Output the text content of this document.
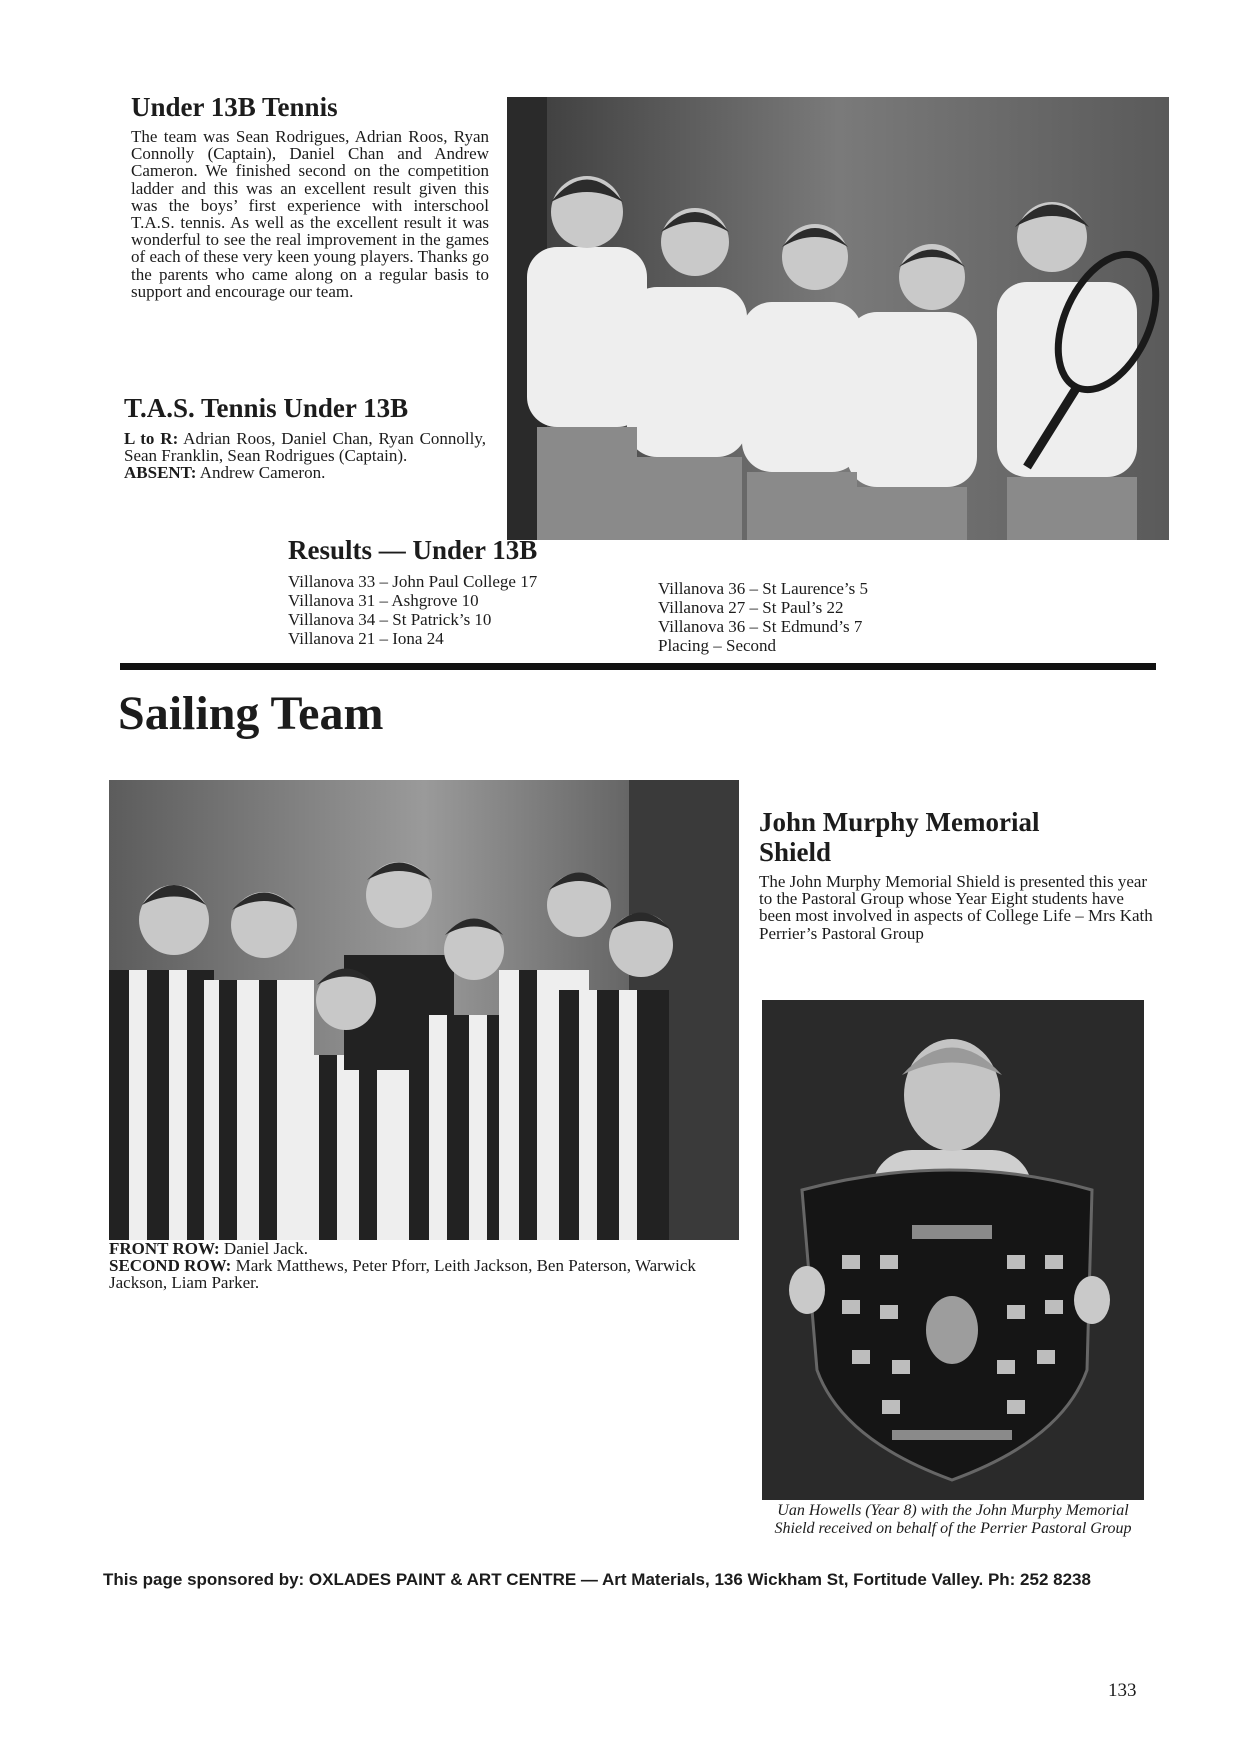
Under 13B Tennis

The team was Sean Rodrigues, Adrian Roos, Ryan Connolly (Captain), Daniel Chan and Andrew Cameron. We finished second on the competition ladder and this was an excellent result given this was the boys’ first experience with interschool T.A.S. tennis. As well as the excellent result it was wonderful to see the real improvement in the games of each of these very keen young players. Thanks go the parents who came along on a regular basis to support and encourage our team.

T.A.S. Tennis Under 13B

L to R: Adrian Roos, Daniel Chan, Ryan Connolly, Sean Franklin, Sean Rodrigues (Captain).
ABSENT: Andrew Cameron.

Results — Under 13B
Villanova 33 – John Paul College 17
Villanova 31 – Ashgrove 10
Villanova 34 – St Patrick’s 10
Villanova 21 – Iona 24
Villanova 36 – St Laurence’s 5
Villanova 27 – St Paul’s 22
Villanova 36 – St Edmund’s 7
Placing – Second
Sailing Team

FRONT ROW: Daniel Jack.
SECOND ROW: Mark Matthews, Peter Pforr, Leith Jackson, Ben Paterson, Warwick Jackson, Liam Parker.

John Murphy Memorial Shield

The John Murphy Memorial Shield is presented this year to the Pastoral Group whose Year Eight students have been most involved in aspects of College Life – Mrs Kath Perrier’s Pastoral Group

Uan Howells (Year 8) with the John Murphy Memorial Shield received on behalf of the Perrier Pastoral Group

This page sponsored by: OXLADES PAINT & ART CENTRE — Art Materials, 136 Wickham St, Fortitude Valley. Ph: 252 8238
133
